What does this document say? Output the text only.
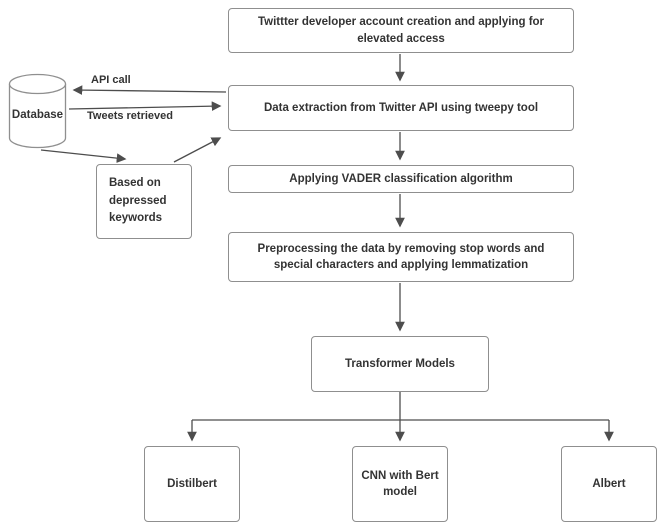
Twittter developer account creation and applying for elevated access
Data extraction from Twitter API using tweepy tool
Database
Based on depressed keywords
Applying VADER classification algorithm
Preprocessing the data by removing stop words and special characters and applying lemmatization
Transformer Models
Distilbert
CNN with Bert model
Albert
API call
Tweets retrieved
